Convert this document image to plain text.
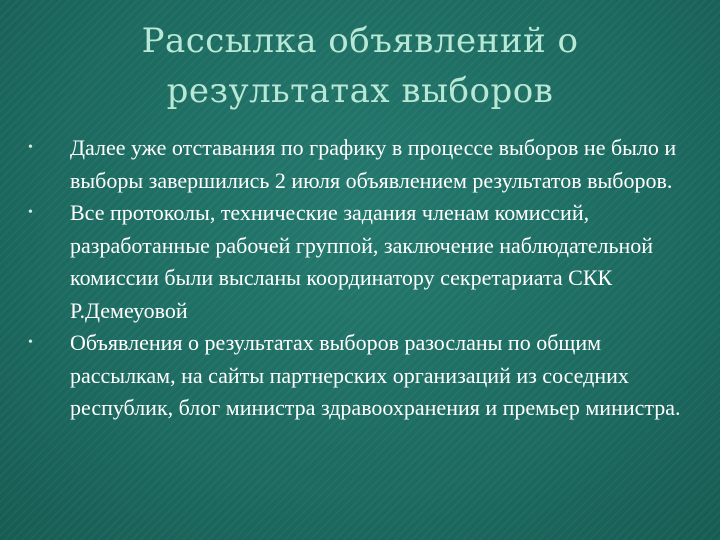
Рассылка объявлений о
результатах выборов
• Далее уже отставания по графику в процессе выборов не было и выборы завершились 2 июля объявлением результатов выборов.
• Все протоколы, технические задания членам комиссий, разработанные рабочей группой, заключение наблюдательной комиссии были высланы координатору секретариата СКК Р.Демеуовой
• Объявления о результатах выборов разосланы по общим рассылкам, на сайты партнерских организаций из соседних республик, блог министра здравоохранения и премьер министра.
